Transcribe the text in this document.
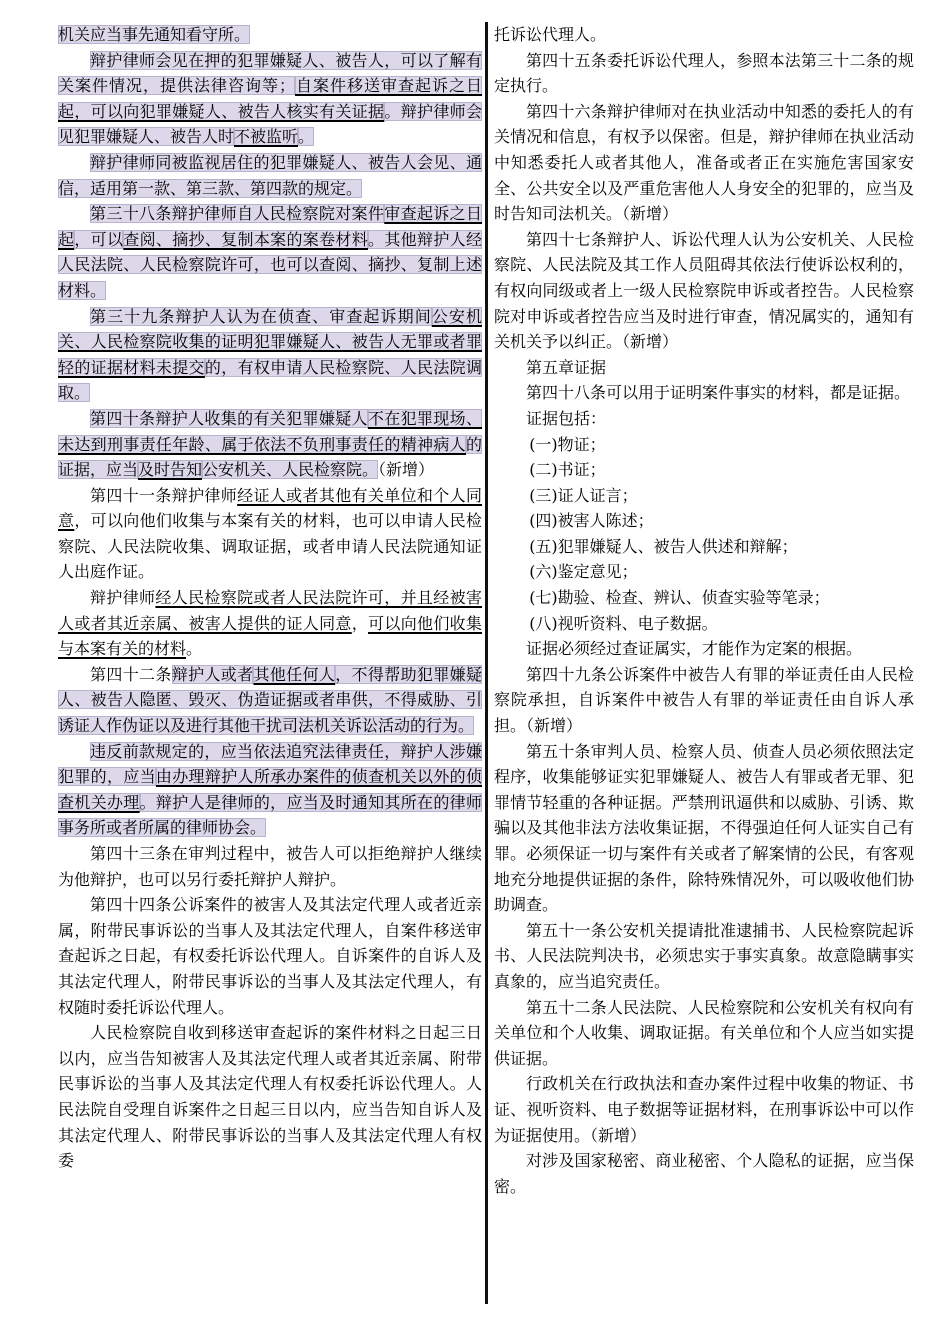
机关应当事先通知看守所。

辩护律师会见在押的犯罪嫌疑人、被告人，可以了解有关案件情况，提供法律咨询等；自案件移送审查起诉之日起，可以向犯罪嫌疑人、被告人核实有关证据。辩护律师会见犯罪嫌疑人、被告人时不被监听。

辩护律师同被监视居住的犯罪嫌疑人、被告人会见、通信，适用第一款、第三款、第四款的规定。

第三十八条辩护律师自人民检察院对案件审查起诉之日起，可以查阅、摘抄、复制本案的案卷材料。其他辩护人经人民法院、人民检察院许可，也可以查阅、摘抄、复制上述材料。

第三十九条辩护人认为在侦查、审查起诉期间公安机关、人民检察院收集的证明犯罪嫌疑人、被告人无罪或者罪轻的证据材料未提交的，有权申请人民检察院、人民法院调取。

第四十条辩护人收集的有关犯罪嫌疑人不在犯罪现场、未达到刑事责任年龄、属于依法不负刑事责任的精神病人的证据，应当及时告知公安机关、人民检察院。（新增）

第四十一条辩护律师经证人或者其他有关单位和个人同意，可以向他们收集与本案有关的材料，也可以申请人民检察院、人民法院收集、调取证据，或者申请人民法院通知证人出庭作证。

辩护律师经人民检察院或者人民法院许可，并且经被害人或者其近亲属、被害人提供的证人同意，可以向他们收集与本案有关的材料。

第四十二条辩护人或者其他任何人，不得帮助犯罪嫌疑人、被告人隐匿、毁灭、伪造证据或者串供，不得威胁、引诱证人作伪证以及进行其他干扰司法机关诉讼活动的行为。

违反前款规定的，应当依法追究法律责任，辩护人涉嫌犯罪的，应当由办理辩护人所承办案件的侦查机关以外的侦查机关办理。辩护人是律师的，应当及时通知其所在的律师事务所或者所属的律师协会。

第四十三条在审判过程中，被告人可以拒绝辩护人继续为他辩护，也可以另行委托辩护人辩护。

第四十四条公诉案件的被害人及其法定代理人或者近亲属，附带民事诉讼的当事人及其法定代理人，自案件移送审查起诉之日起，有权委托诉讼代理人。自诉案件的自诉人及其法定代理人，附带民事诉讼的当事人及其法定代理人，有权随时委托诉讼代理人。

人民检察院自收到移送审查起诉的案件材料之日起三日以内，应当告知被害人及其法定代理人或者其近亲属、附带民事诉讼的当事人及其法定代理人有权委托诉讼代理人。人民法院自受理自诉案件之日起三日以内，应当告知自诉人及其法定代理人、附带民事诉讼的当事人及其法定代理人有权委

托诉讼代理人。

第四十五条委托诉讼代理人，参照本法第三十二条的规定执行。

第四十六条辩护律师对在执业活动中知悉的委托人的有关情况和信息，有权予以保密。但是，辩护律师在执业活动中知悉委托人或者其他人，准备或者正在实施危害国家安全、公共安全以及严重危害他人人身安全的犯罪的，应当及时告知司法机关。（新增）

第四十七条辩护人、诉讼代理人认为公安机关、人民检察院、人民法院及其工作人员阻碍其依法行使诉讼权利的，有权向同级或者上一级人民检察院申诉或者控告。人民检察院对申诉或者控告应当及时进行审查，情况属实的，通知有关机关予以纠正。（新增）

第五章证据

第四十八条可以用于证明案件事实的材料，都是证据。

证据包括：

(一)物证；

(二)书证；

(三)证人证言；

(四)被害人陈述；

(五)犯罪嫌疑人、被告人供述和辩解；

(六)鉴定意见；

(七)勘验、检查、辨认、侦查实验等笔录；

(八)视听资料、电子数据。

证据必须经过查证属实，才能作为定案的根据。

第四十九条公诉案件中被告人有罪的举证责任由人民检察院承担，自诉案件中被告人有罪的举证责任由自诉人承担。（新增）

第五十条审判人员、检察人员、侦查人员必须依照法定程序，收集能够证实犯罪嫌疑人、被告人有罪或者无罪、犯罪情节轻重的各种证据。严禁刑讯逼供和以威胁、引诱、欺骗以及其他非法方法收集证据，不得强迫任何人证实自己有罪。必须保证一切与案件有关或者了解案情的公民，有客观地充分地提供证据的条件，除特殊情况外，可以吸收他们协助调查。

第五十一条公安机关提请批准逮捕书、人民检察院起诉书、人民法院判决书，必须忠实于事实真象。故意隐瞒事实真象的，应当追究责任。

第五十二条人民法院、人民检察院和公安机关有权向有关单位和个人收集、调取证据。有关单位和个人应当如实提供证据。

行政机关在行政执法和查办案件过程中收集的物证、书证、视听资料、电子数据等证据材料，在刑事诉讼中可以作为证据使用。（新增）

对涉及国家秘密、商业秘密、个人隐私的证据，应当保密。
